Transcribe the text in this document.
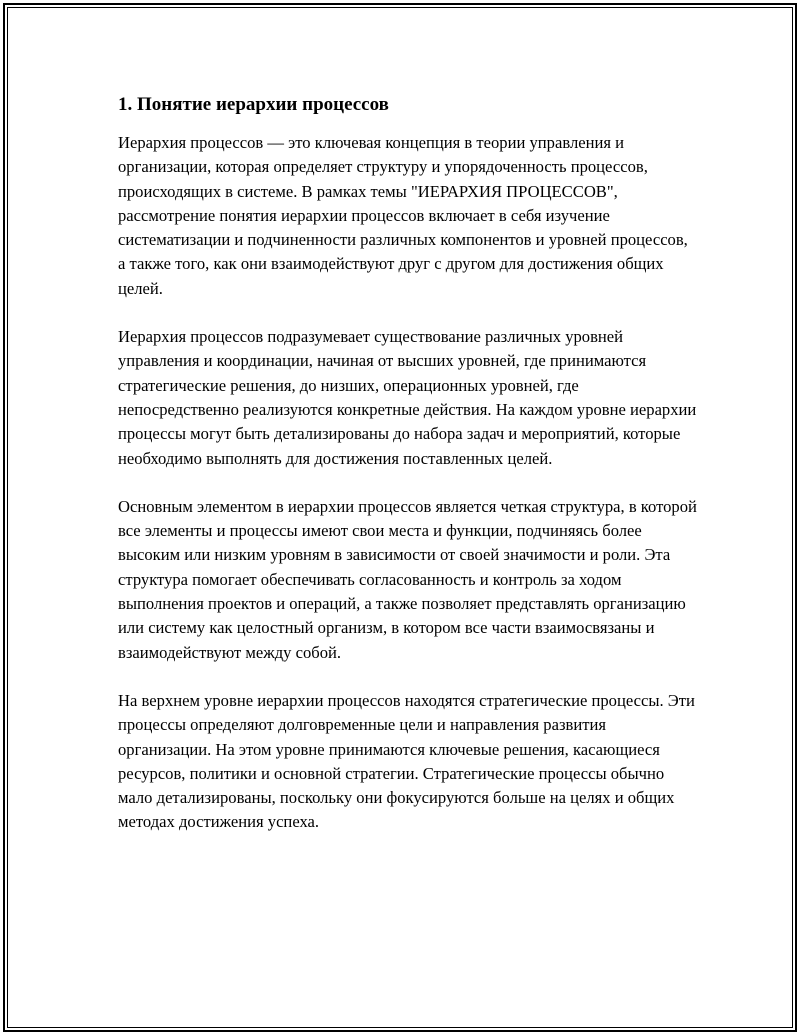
1. Понятие иерархии процессов

Иерархия процессов — это ключевая концепция в теории управления и организации, которая определяет структуру и упорядоченность процессов, происходящих в системе. В рамках темы "ИЕРАРХИЯ ПРОЦЕССОВ", рассмотрение понятия иерархии процессов включает в себя изучение систематизации и подчиненности различных компонентов и уровней процессов, а также того, как они взаимодействуют друг с другом для достижения общих целей.

Иерархия процессов подразумевает существование различных уровней управления и координации, начиная от высших уровней, где принимаются стратегические решения, до низших, операционных уровней, где непосредственно реализуются конкретные действия. На каждом уровне иерархии процессы могут быть детализированы до набора задач и мероприятий, которые необходимо выполнять для достижения поставленных целей.

Основным элементом в иерархии процессов является четкая структура, в которой все элементы и процессы имеют свои места и функции, подчиняясь более высоким или низким уровням в зависимости от своей значимости и роли. Эта структура помогает обеспечивать согласованность и контроль за ходом выполнения проектов и операций, а также позволяет представлять организацию или систему как целостный организм, в котором все части взаимосвязаны и взаимодействуют между собой.

На верхнем уровне иерархии процессов находятся стратегические процессы. Эти процессы определяют долговременные цели и направления развития организации. На этом уровне принимаются ключевые решения, касающиеся ресурсов, политики и основной стратегии. Стратегические процессы обычно мало детализированы, поскольку они фокусируются больше на целях и общих методах достижения успеха.
